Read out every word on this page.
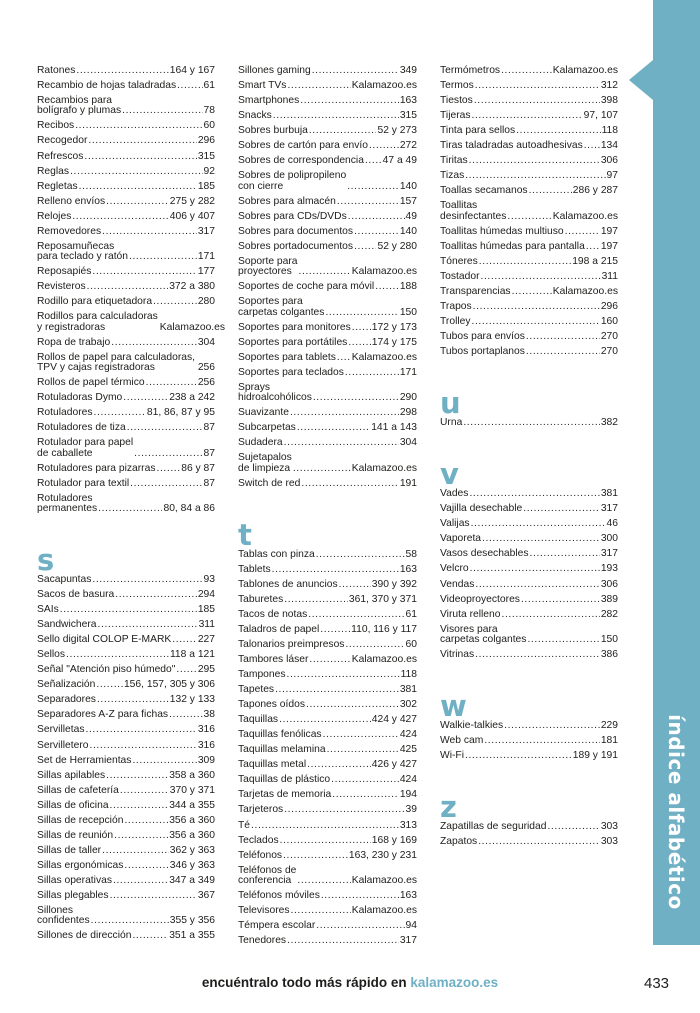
índice alfabético
Ratones .....	164 y 167
Recambio de hojas taladradas .....	61
Recambios para
bolígrafo y plumas .....	78
Recibos .....	60
Recogedor .....	296
Refrescos .....	315
Reglas .....	92
Regletas .....	185
Relleno envíos .....	275 y 282
Relojes .....	406 y 407
Removedores .....	317
Reposamuñecas
para teclado y ratón .....	171
Reposapiés .....	177
Revisteros .....	372 a 380
Rodillo para etiquetadora .....	280
Rodillos para calculadoras
y registradoras	Kalamazoo.es
Ropa de trabajo .....	304
Rollos de papel para calculadoras,
TPV y cajas registradoras .....	256
Rollos de papel térmico .....	256
Rotuladoras Dymo .....	238 a 242
Rotuladores .....	81, 86, 87 y 95
Rotuladores de tiza .....	87
Rotulador para papel
de caballete .....	87
Rotuladores para pizarras ..... 86 y 87
Rotulador para textil .....	87
Rotuladores
permanentes .....	80, 84 a 86
s
Sacapuntas .....	93
Sacos de basura .....	294
SAIs .....	185
Sandwichera .....	311
Sello digital COLOP E-MARK .....	227
Sellos .....	118 a 121
Señal "Atención piso húmedo" ..... 295
Señalización .....	156, 157, 305 y 306
Separadores .....	132 y 133
Separadores A-Z para fichas .....	38
Servilletas .....	316
Servilletero .....	316
Set de Herramientas .....	309
Sillas apilables .....	358 a 360
Sillas de cafetería .....	370 y 371
Sillas de oficina .....	344 a 355
Sillas de recepción .....	356 a 360
Sillas de reunión .....	356 a 360
Sillas de taller .....	362 y 363
Sillas ergonómicas .....	346 y 363
Sillas operativas .....	347 a 349
Sillas plegables .....	367
Sillones
confidentes .....	355 y 356
Sillones de dirección .....	351 a 355
Sillones gaming .....	349
Smart TVs .....	Kalamazoo.es
Smartphones .....	163
Snacks .....	315
Sobres burbuja .....	52 y 273
Sobres de cartón para envío .....	272
Sobres de correspondencia ..... 47 a 49
Sobres de polipropileno
con cierre .....	140
Sobres para almacén .....	157
Sobres para CDs/DVDs .....	49
Sobres para documentos .....	140
Sobres portadocumentos ..... 52 y 280
Soporte para
proyectores .....	Kalamazoo.es
Soportes de coche para móvil ..... 188
Soportes para
carpetas colgantes .....	150
Soportes para monitores ..... 172 y 173
Soportes para portátiles ..... 174 y 175
Soportes para tablets ..... Kalamazoo.es
Soportes para teclados .....	171
Sprays
hidroalcohólicos .....	290
Suavizante .....	298
Subcarpetas .....	141 a 143
Sudadera .....	304
Sujetapalos
de limpieza .....	Kalamazoo.es
Switch de red .....	191
t
Tablas con pinza .....	58
Tablets .....	163
Tablones de anuncios .....	390 y 392
Taburetes .....	361, 370 y 371
Tacos de notas .....	61
Taladros de papel .....	110, 116 y 117
Talonarios preimpresos .....	60
Tambores láser .....	Kalamazoo.es
Tampones .....	118
Tapetes .....	381
Tapones oídos .....	302
Taquillas .....	424 y 427
Taquillas fenólicas .....	424
Taquillas melamina .....	425
Taquillas metal .....	426 y 427
Taquillas de plástico .....	424
Tarjetas de memoria .....	194
Tarjeteros .....	39
Té .....	313
Teclados .....	168 y 169
Teléfonos .....	163, 230 y 231
Teléfonos de
conferencia .....	Kalamazoo.es
Teléfonos móviles .....	163
Televisores .....	Kalamazoo.es
Témpera escolar .....	94
Tenedores .....	317
Termómetros .....	Kalamazoo.es
Termos .....	312
Tiestos .....	398
Tijeras .....	97, 107
Tinta para sellos .....	118
Tiras taladradas autoadhesivas ..... 134
Tiritas .....	306
Tizas .....	97
Toallas secamanos .....	286 y 287
Toallitas
desinfectantes .....	Kalamazoo.es
Toallitas húmedas multiuso .....	197
Toallitas húmedas para pantalla ..... 197
Tóneres .....	198 a 215
Tostador .....	311
Transparencias .....	Kalamazoo.es
Trapos .....	296
Trolley .....	160
Tubos para envíos .....	270
Tubos portaplanos .....	270
u
Urna .....	382
v
Vades .....	381
Vajilla desechable .....	317
Valijas .....	46
Vaporeta .....	300
Vasos desechables .....	317
Velcro .....	193
Vendas .....	306
Videoproyectores .....	389
Viruta relleno .....	282
Visores para
carpetas colgantes .....	150
Vitrinas .....	386
w
Walkie-talkies .....	229
Web cam .....	181
Wi-Fi .....	189 y 191
z
Zapatillas de seguridad .....	303
Zapatos .....	303
encuéntralo todo más rápido en kalamazoo.es	433
